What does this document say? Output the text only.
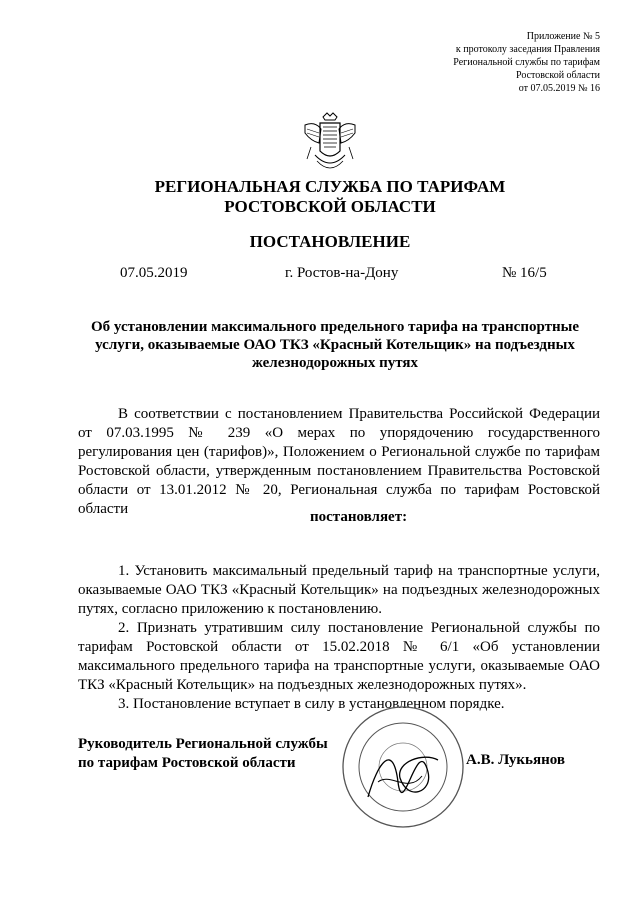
Приложение № 5
к протоколу заседания Правления
Региональной службы по тарифам
Ростовской области
от 07.05.2019 № 16
РЕГИОНАЛЬНАЯ СЛУЖБА ПО ТАРИФАМ
РОСТОВСКОЙ ОБЛАСТИ
ПОСТАНОВЛЕНИЕ
07.05.2019	г. Ростов-на-Дону	№ 16/5
Об установлении максимального предельного тарифа на транспортные услуги, оказываемые ОАО ТКЗ «Красный Котельщик» на подъездных железнодорожных путях

В соответствии с постановлением Правительства Российской Федерации от 07.03.1995 № 239 «О мерах по упорядочению государственного регулирования цен (тарифов)», Положением о Региональной службе по тарифам Ростовской области, утвержденным постановлением Правительства Ростовской области от 13.01.2012 № 20, Региональная служба по тарифам Ростовской области	постановляет:

1. Установить максимальный предельный тариф на транспортные услуги, оказываемые ОАО ТКЗ «Красный Котельщик» на подъездных железнодорожных путях, согласно приложению к постановлению.

2. Признать утратившим силу постановление Региональной службы по тарифам Ростовской области от 15.02.2018 № 6/1 «Об установлении максимального предельного тарифа на транспортные услуги, оказываемые ОАО ТКЗ «Красный Котельщик» на подъездных железнодорожных путях».

3. Постановление вступает в силу в установленном порядке.

Руководитель Региональной службы
по тарифам Ростовской области	А.В. Лукьянов
